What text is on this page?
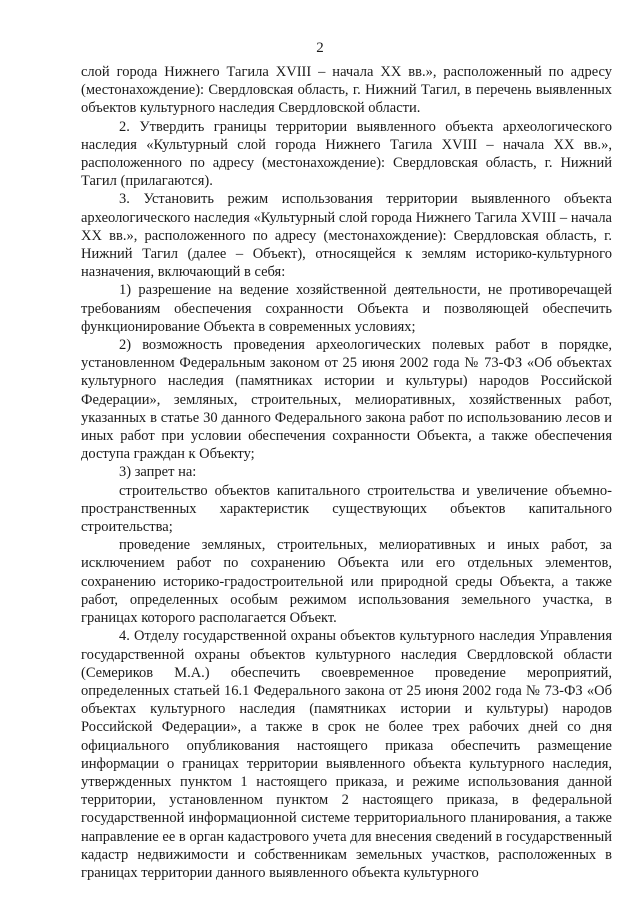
2

слой города Нижнего Тагила XVIII – начала XX вв.», расположенный по адресу (местонахождение): Свердловская область, г. Нижний Тагил, в перечень выявленных объектов культурного наследия Свердловской области.

2. Утвердить границы территории выявленного объекта археологического наследия «Культурный слой города Нижнего Тагила XVIII – начала XX вв.», расположенного по адресу (местонахождение): Свердловская область, г. Нижний Тагил (прилагаются).

3. Установить режим использования территории выявленного объекта археологического наследия «Культурный слой города Нижнего Тагила XVIII – начала XX вв.», расположенного по адресу (местонахождение): Свердловская область, г. Нижний Тагил (далее – Объект), относящейся к землям историко-культурного назначения, включающий в себя:

1) разрешение на ведение хозяйственной деятельности, не противоречащей требованиям обеспечения сохранности Объекта и позволяющей обеспечить функционирование Объекта в современных условиях;

2) возможность проведения археологических полевых работ в порядке, установленном Федеральным законом от 25 июня 2002 года № 73-ФЗ «Об объектах культурного наследия (памятниках истории и культуры) народов Российской Федерации», земляных, строительных, мелиоративных, хозяйственных работ, указанных в статье 30 данного Федерального закона работ по использованию лесов и иных работ при условии обеспечения сохранности Объекта, а также обеспечения доступа граждан к Объекту;

3) запрет на:

строительство объектов капитального строительства и увеличение объемно-пространственных характеристик существующих объектов капитального строительства;

проведение земляных, строительных, мелиоративных и иных работ, за исключением работ по сохранению Объекта или его отдельных элементов, сохранению историко-градостроительной или природной среды Объекта, а также работ, определенных особым режимом использования земельного участка, в границах которого располагается Объект.

4. Отделу государственной охраны объектов культурного наследия Управления государственной охраны объектов культурного наследия Свердловской области (Семериков М.А.) обеспечить своевременное проведение мероприятий, определенных статьей 16.1 Федерального закона от 25 июня 2002 года № 73-ФЗ «Об объектах культурного наследия (памятниках истории и культуры) народов Российской Федерации», а также в срок не более трех рабочих дней со дня официального опубликования настоящего приказа обеспечить размещение информации о границах территории выявленного объекта культурного наследия, утвержденных пунктом 1 настоящего приказа, и режиме использования данной территории, установленном пунктом 2 настоящего приказа, в федеральной государственной информационной системе территориального планирования, а также направление ее в орган кадастрового учета для внесения сведений в государственный кадастр недвижимости и собственникам земельных участков, расположенных в границах территории данного выявленного объекта культурного
